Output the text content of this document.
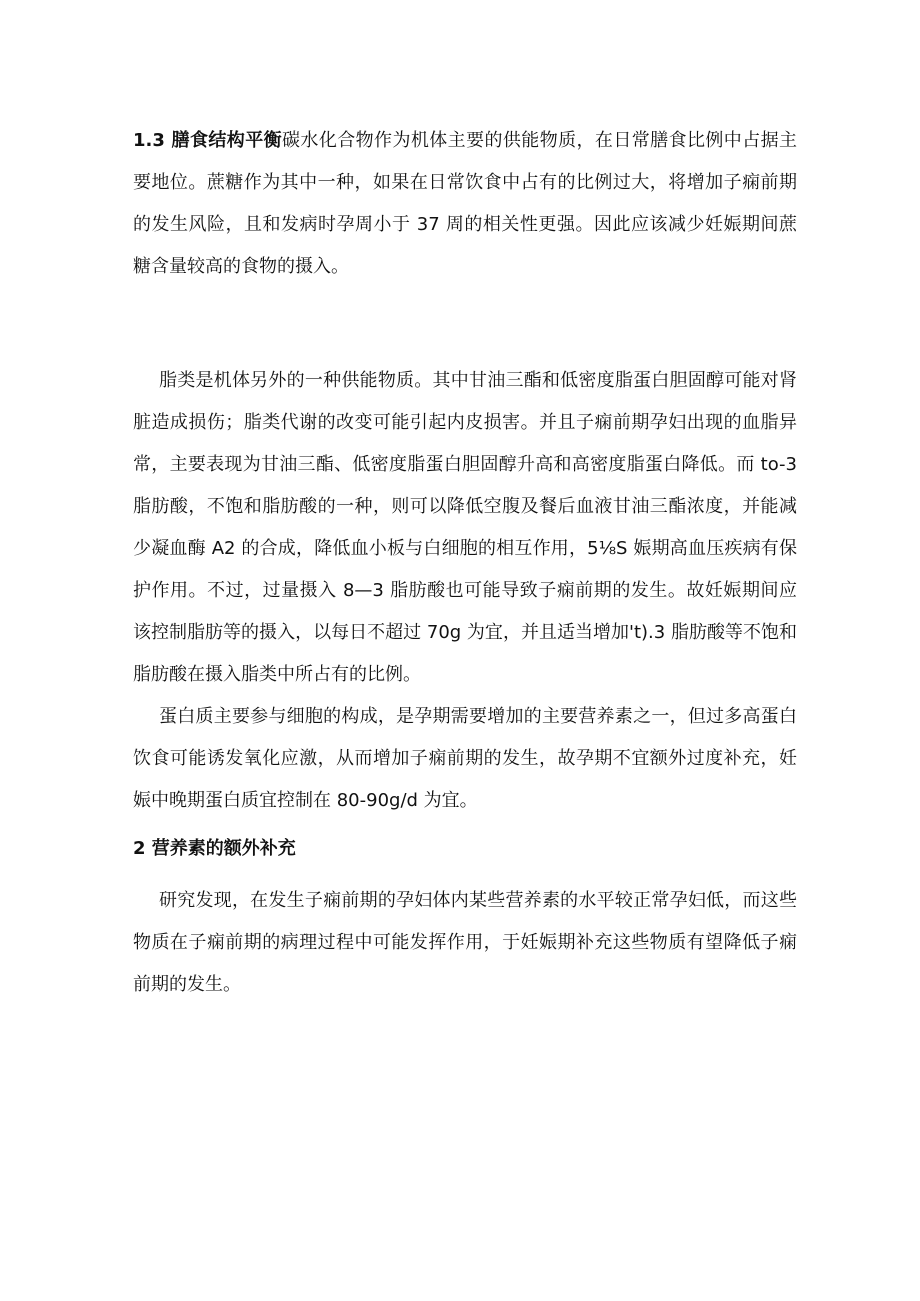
1.3 膳食结构平衡碳水化合物作为机体主要的供能物质，在日常膳食比例中占据主要地位。蔗糖作为其中一种，如果在日常饮食中占有的比例过大，将增加子痫前期的发生风险，且和发病时孕周小于 37 周的相关性更强。因此应该减少妊娠期间蔗糖含量较高的食物的摄入。

脂类是机体另外的一种供能物质。其中甘油三酯和低密度脂蛋白胆固醇可能对肾脏造成损伤；脂类代谢的改变可能引起内皮损害。并且子痫前期孕妇出现的血脂异常，主要表现为甘油三酯、低密度脂蛋白胆固醇升高和高密度脂蛋白降低。而 to-3 脂肪酸，不饱和脂肪酸的一种，则可以降低空腹及餐后血液甘油三酯浓度，并能减少凝血酶 A2 的合成，降低血小板与白细胞的相互作用，5⅛S 娠期高血压疾病有保护作用。不过，过量摄入 8—3 脂肪酸也可能导致子痫前期的发生。故妊娠期间应该控制脂肪等的摄入，以每日不超过 70g 为宜，并且适当增加't).3 脂肪酸等不饱和脂肪酸在摄入脂类中所占有的比例。

蛋白质主要参与细胞的构成，是孕期需要增加的主要营养素之一，但过多高蛋白饮食可能诱发氧化应激，从而增加子痫前期的发生，故孕期不宜额外过度补充，妊娠中晚期蛋白质宜控制在 80-90g/d 为宜。

2 营养素的额外补充

研究发现，在发生子痫前期的孕妇体内某些营养素的水平较正常孕妇低，而这些物质在子痫前期的病理过程中可能发挥作用，于妊娠期补充这些物质有望降低子痫前期的发生。
